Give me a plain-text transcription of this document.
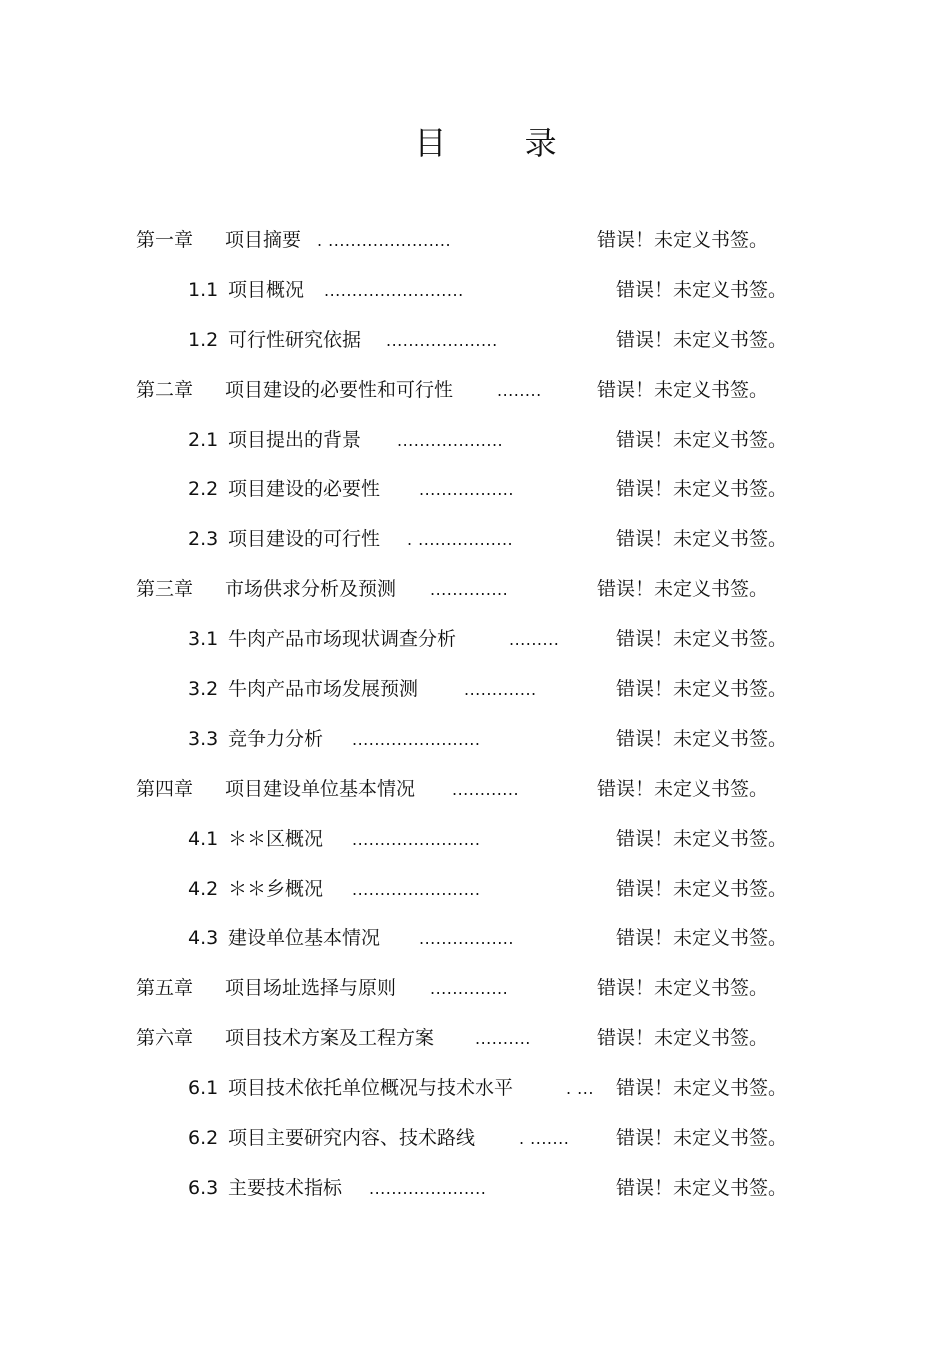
目 录
第一章 项目摘要 . ......................	错误！未定义书签。
1.1 项目概况 .........................	错误！未定义书签。
1.2 可行性研究依据 ....................	错误！未定义书签。
第二章 项目建设的必要性和可行性	........	错误！未定义书签。
2.1 项目提出的背景 ...................	错误！未定义书签。
2.2 项目建设的必要性 .................	错误！未定义书签。
2.3 项目建设的可行性 . .................	错误！未定义书签。
第三章 市场供求分析及预测 ..............	错误！未定义书签。
3.1 牛肉产品市场现状调查分析	.........	错误！未定义书签。
3.2 牛肉产品市场发展预测	.............	错误！未定义书签。
3.3 竞争力分析 .......................	错误！未定义书签。
第四章 项目建设单位基本情况 ............	错误！未定义书签。
4.1 ＊＊区概况 .......................	错误！未定义书签。
4.2 ＊＊乡概况 .......................	错误！未定义书签。
4.3 建设单位基本情况 .................	错误！未定义书签。
第五章 项目场址选择与原则 ..............	错误！未定义书签。
第六章 项目技术方案及工程方案	..........	错误！未定义书签。
6.1 项目技术依托单位概况与技术水平	. ... 错误！未定义书签。
6.2 项目主要研究内容、技术路线	. ....... 错误！未定义书签。
6.3 主要技术指标 .....................	错误！未定义书签。
